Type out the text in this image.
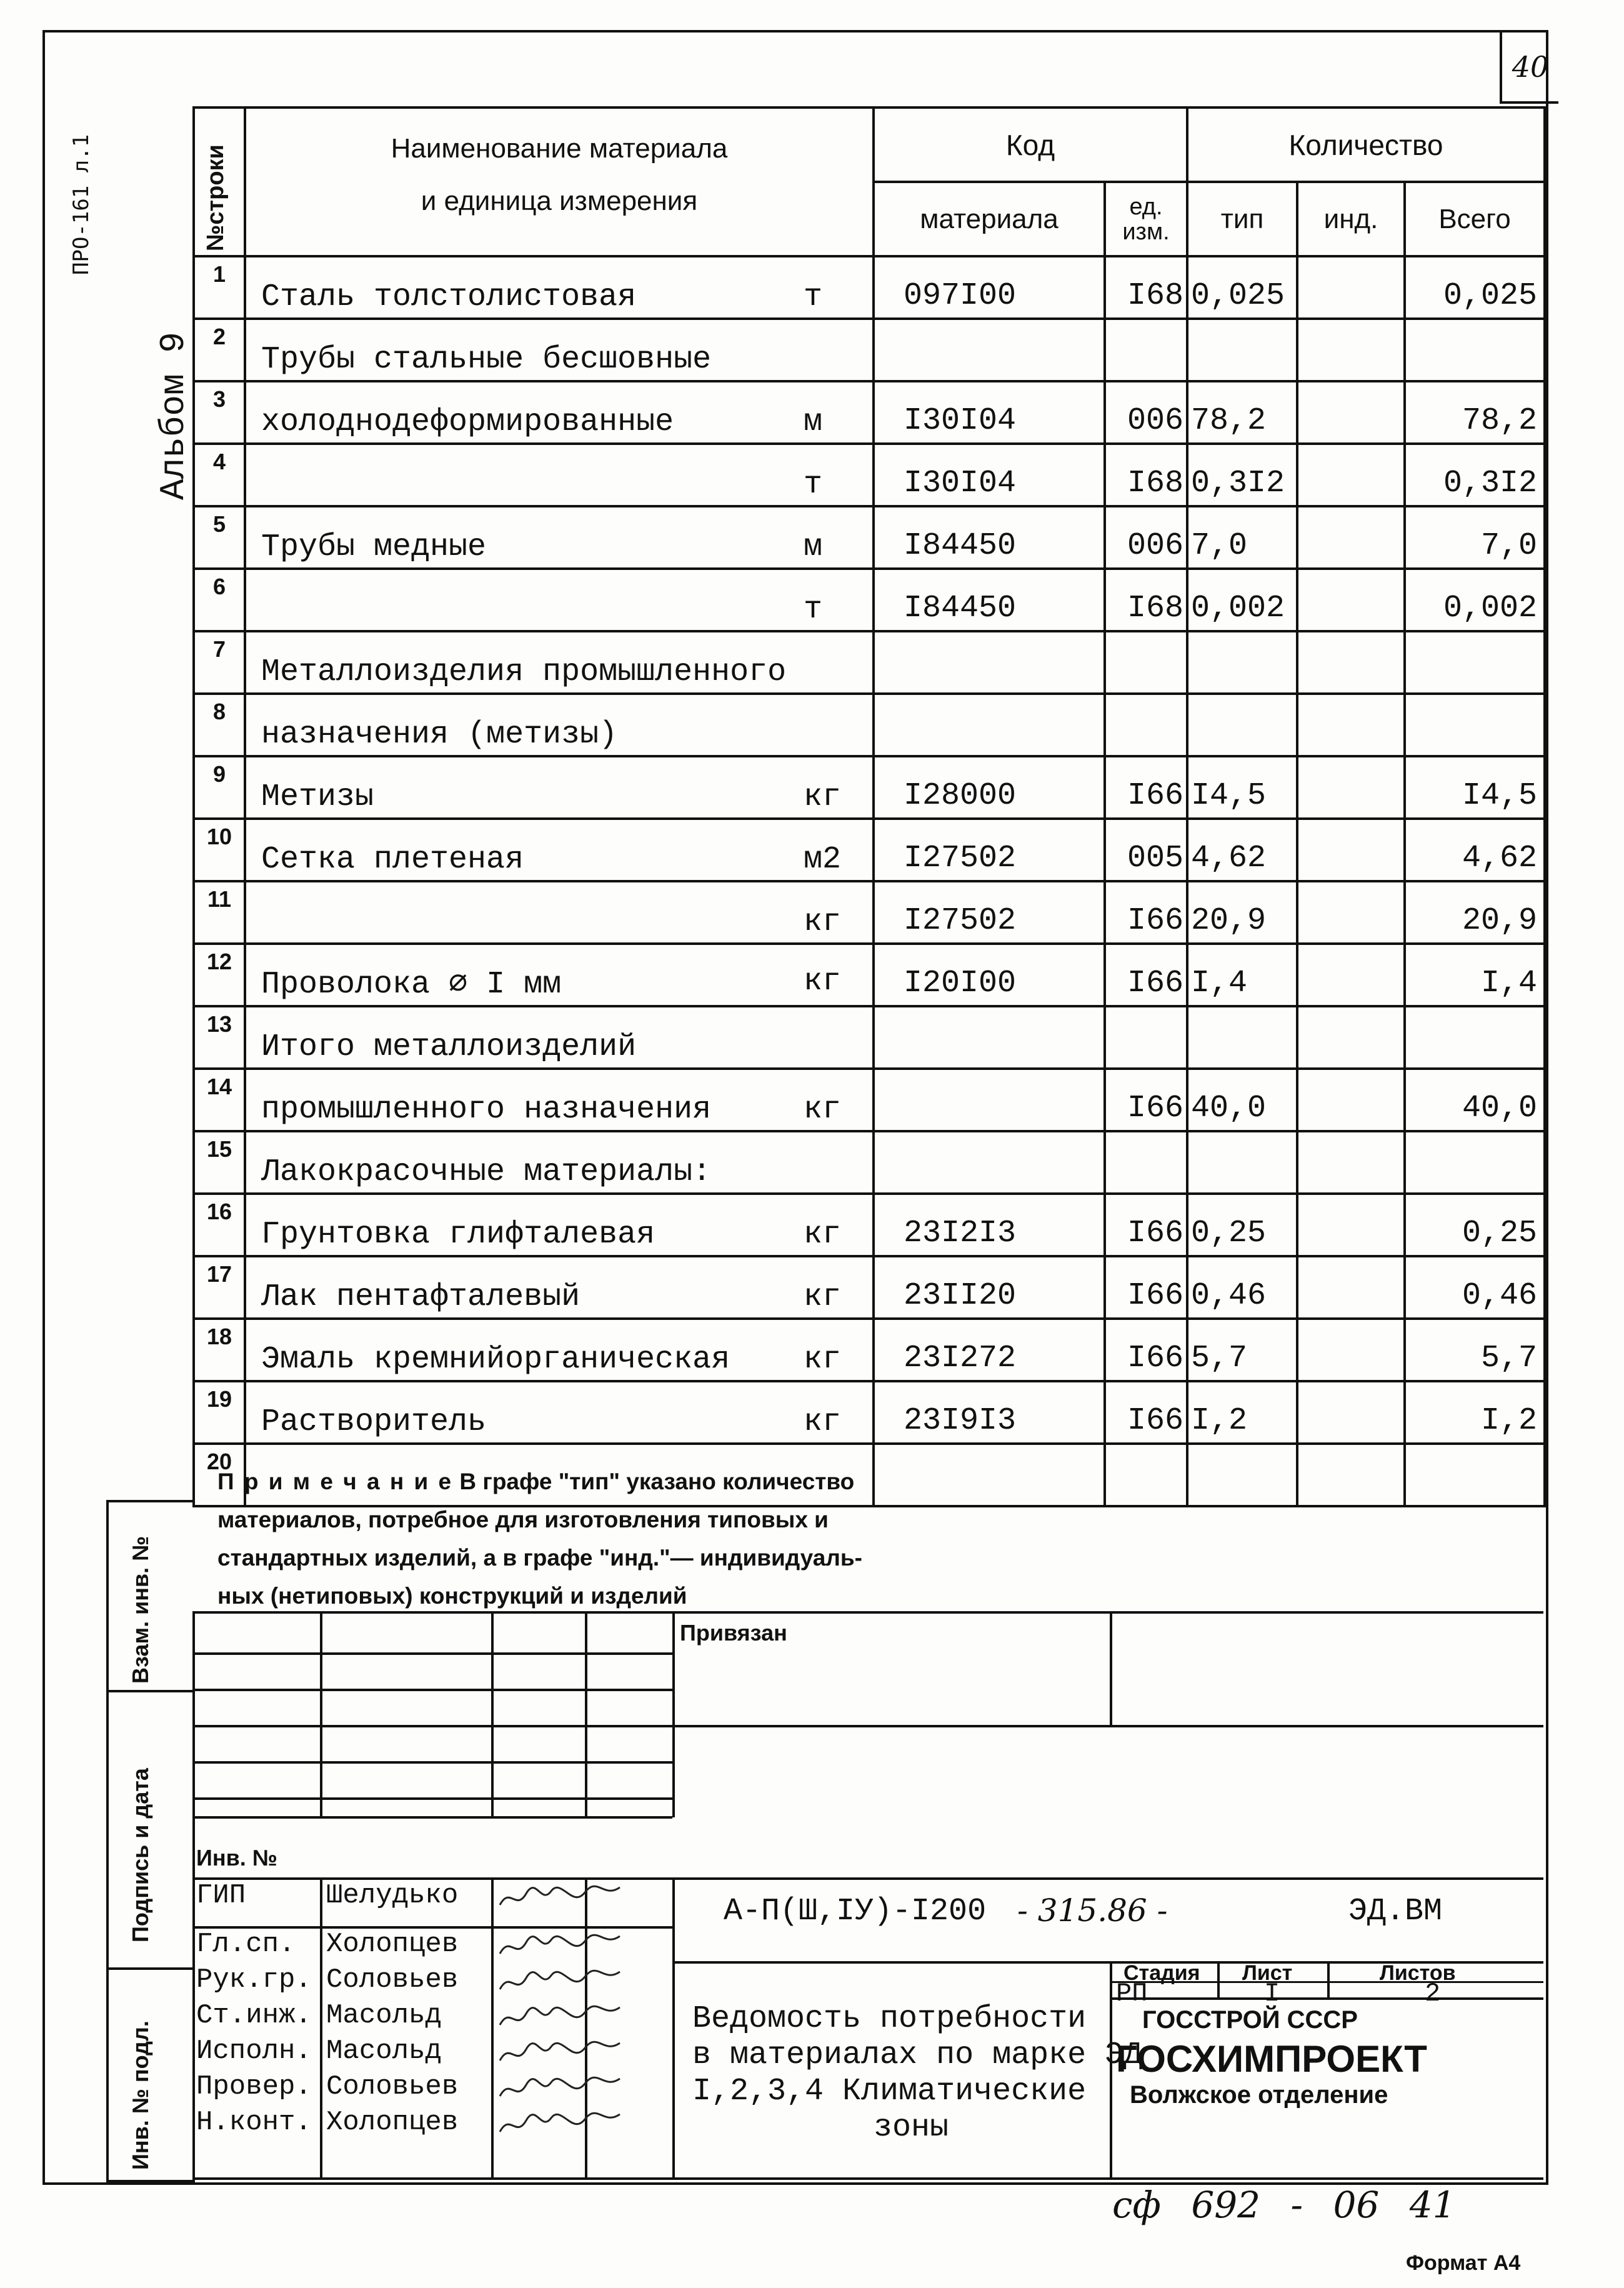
40
ПРО-161 л.1
Альбом 9
№строки	Наименование материала
и единица измерения	Код		Количество		
		материала	ед.
изм.	тип	инд.	Всего
1	Сталь толстолистовая т	097I00	I68	0,025		0,025
2	Трубы стальные бесшовные					

3	холоднодеформированные м	I30I04	006	78,2		78,2
4	т	I30I04	I68	0,3I2		0,3I2
5	Трубы медные м	I84450	006	7,0		7,0
6	т	I84450	I68	0,002		0,002
7	Металлоизделия промышленного					

8	назначения (метизы)					

9	Метизы кг	I28000	I66	I4,5		I4,5
10	Сетка плетеная м2	I27502	005	4,62		4,62
11	кг	I27502	I66	20,9		20,9
12	Проволока ∅ I мм кг	I20I00	I66	I,4		I,4
13	Итого металлоизделий					

14	промышленного назначения кг		I66	40,0		40,0
15	Лакокрасочные материалы:					

16	Грунтовка глифталевая кг	23I2I3	I66	0,25		0,25
17	Лак пентафталевый кг	23II20	I66	0,46		0,46
18	Эмаль кремнийорганическая кг	23I272	I66	5,7		5,7
19	Растворитель кг	23I9I3	I66	I,2		I,2
20	

П р и м е ч а н и е В графе "тип" указано количество
материалов, потребное для изготовления типовых и
стандартных изделий, а в графе "инд."— индивидуаль-
ных (нетиповых) конструкций и изделий
Взам. инв. №
Подпись и дата
Инв. № подл.
Привязан
Инв. №
А-П(Ш,IУ)-I200 - 315.86 -	ЭД.ВМ
ГИП	Шелудько
Гл.сп. Холопцев
Рук.гр. Соловьев
Ст.инж. Масольд
Исполн. Масольд
Провер. Соловьев
Н.конт. Холопцев
Ведомость потребности
в материалах по марке ЭД
I,2,3,4 Климатические
зоны
Стадия Лист	Листов
РП	I	2
ГОССТРОЙ СССР
ГОСХИМПРОЕКТ
Волжское отделение
сф 692 - 06 41
Формат А4
